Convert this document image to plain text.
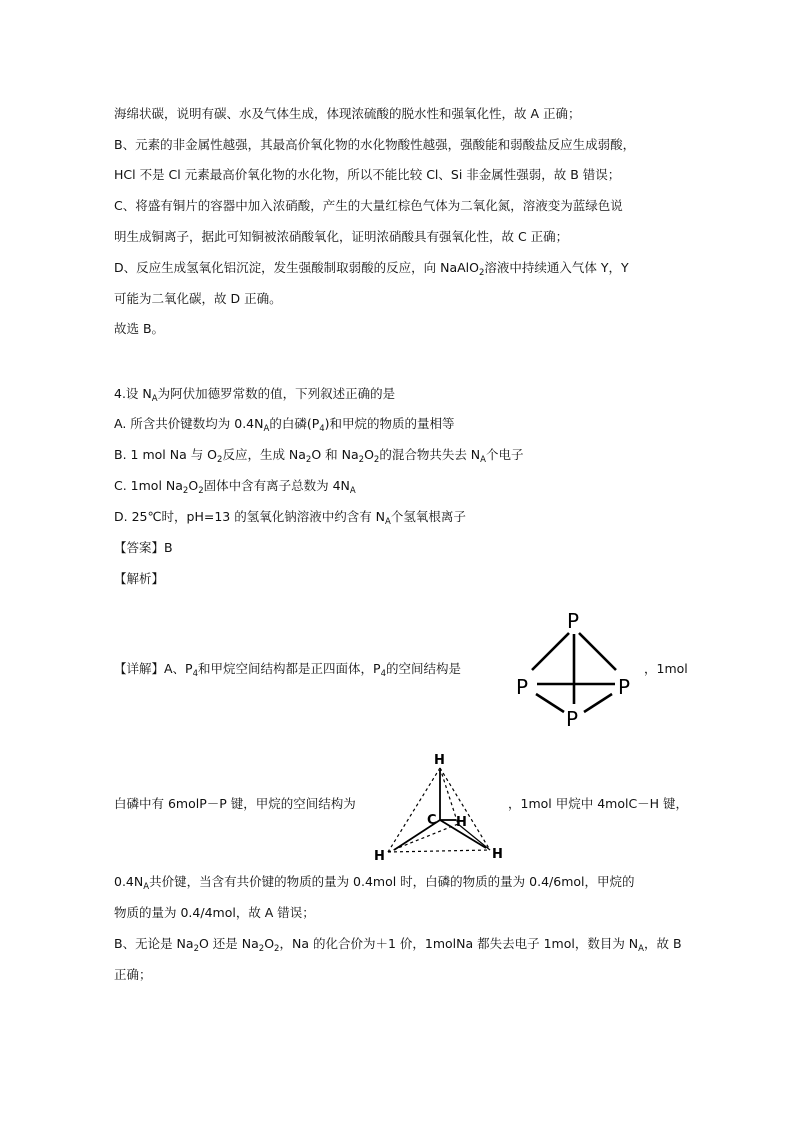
海绵状碳，说明有碳、水及气体生成，体现浓硫酸的脱水性和强氧化性，故 A 正确；
B、元素的非金属性越强，其最高价氧化物的水化物酸性越强，强酸能和弱酸盐反应生成弱酸，
HCl 不是 Cl 元素最高价氧化物的水化物，所以不能比较 Cl、Si 非金属性强弱，故 B 错误；
C、将盛有铜片的容器中加入浓硝酸，产生的大量红棕色气体为二氧化氮，溶液变为蓝绿色说
明生成铜离子，据此可知铜被浓硝酸氧化，证明浓硝酸具有强氧化性，故 C 正确；
D、反应生成氢氧化铝沉淀，发生强酸制取弱酸的反应，向 NaAlO$_2$溶液中持续通入气体 Y，Y
可能为二氧化碳，故 D 正确。
故选 B。
4.设 $N_A$为阿伏加德罗常数的值，下列叙述正确的是
A. 所含共价键数均为 $0.4N_A$的白磷$(P_4)$和甲烷的物质的量相等
B. 1 mol Na 与 $O_2$反应，生成 $Na_2O$ 和 $Na_2O_2$的混合物共失去 $N_A$个电子
C. 1mol $Na_2O_2$固体中含有离子总数为 $4N_A$
D. 25℃时，pH=13 的氢氧化钠溶液中约含有 $N_A$个氢氧根离子
【答案】B
【解析】
【详解】A、$P_4$和甲烷空间结构都是正四面体，$P_4$的空间结构是	，1mol
P
P	P
P
白磷中有 6molP－P 键，甲烷的空间结构为	，1mol 甲烷中 4molC－H 键，
H
C H
H	H
$0.4N_A$共价键，当含有共价键的物质的量为 0.4mol 时，白磷的物质的量为 0.4/6mol，甲烷的
物质的量为 0.4/4mol，故 A 错误；
B、无论是 $Na_2O$ 还是 $Na_2O_2$，Na 的化合价为＋1 价，1molNa 都失去电子 1mol，数目为 $N_A$，故 B
正确；
